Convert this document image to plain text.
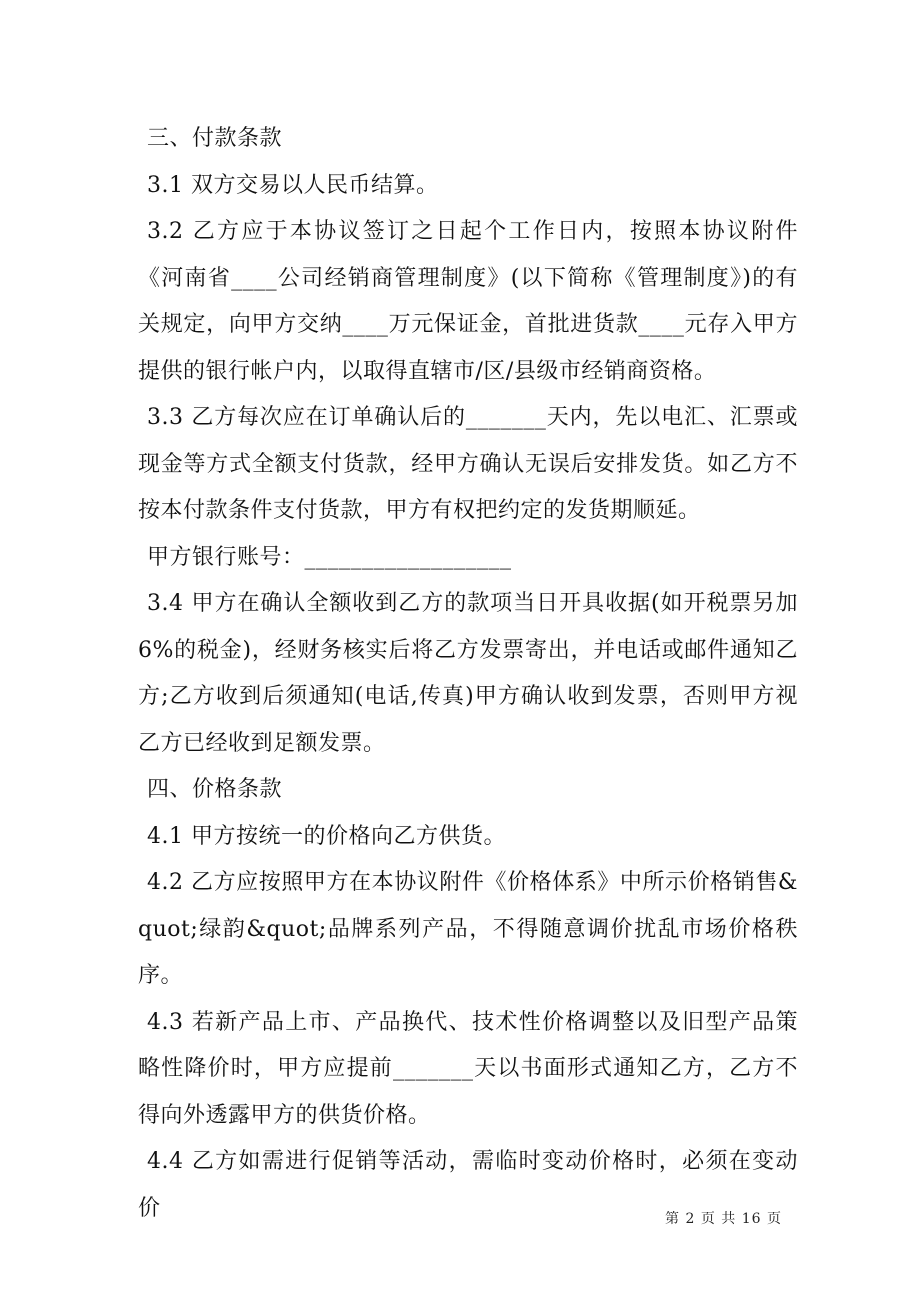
三、付款条款

3.1 双方交易以人民币结算。

3.2 乙方应于本协议签订之日起个工作日内，按照本协议附件《河南省____公司经销商管理制度》(以下简称《管理制度》)的有关规定，向甲方交纳____万元保证金，首批进货款____元存入甲方提供的银行帐户内，以取得直辖市/区/县级市经销商资格。

3.3 乙方每次应在订单确认后的_______天内，先以电汇、汇票或现金等方式全额支付货款，经甲方确认无误后安排发货。如乙方不按本付款条件支付货款，甲方有权把约定的发货期顺延。

甲方银行账号：__________________

3.4 甲方在确认全额收到乙方的款项当日开具收据(如开税票另加 6%的税金)，经财务核实后将乙方发票寄出，并电话或邮件通知乙方;乙方收到后须通知(电话,传真)甲方确认收到发票，否则甲方视乙方已经收到足额发票。

四、价格条款

4.1 甲方按统一的价格向乙方供货。

4.2 乙方应按照甲方在本协议附件《价格体系》中所示价格销售&quot;绿韵&quot;品牌系列产品，不得随意调价扰乱市场价格秩序。

4.3 若新产品上市、产品换代、技术性价格调整以及旧型产品策略性降价时，甲方应提前_______天以书面形式通知乙方，乙方不得向外透露甲方的供货价格。

4.4 乙方如需进行促销等活动，需临时变动价格时，必须在变动价	第 2 页 共 16 页
